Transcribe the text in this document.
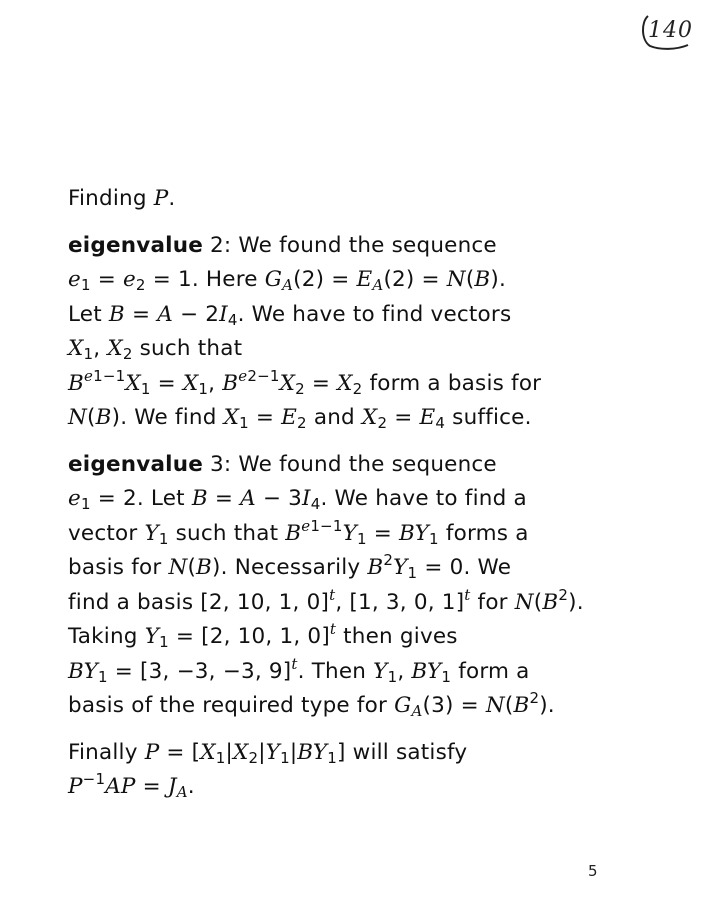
140
Finding P.
eigenvalue 2: We found the sequence
$e_1 = e_2 = 1$. Here $G_A(2) = E_A(2) = N(B)$.
Let $B = A - 2I_4$. We have to find vectors
$X_1$, $X_2$ such that
$B^{e1-1}X_1 = X_1$, $B^{e2-1}X_2 = X_2$ form a basis for
N(B). We find $X_1 = E_2$ and $X_2 = E_4$ suffice.
eigenvalue 3: We found the sequence
$e_1 = 2$. Let $B = A - 3I_4$. We have to find a
vector $Y_1$ such that $B^{e1-1}Y_1 = BY_1$ forms a
basis for N(B). Necessarily $B^2Y_1 = 0$. We
find a basis [2, 10, 1, 0]$^t$, [1, 3, 0, 1]$^t$ for $N(B^2)$.
Taking $Y_1 = [2$, 10, 1, 0]$^t$ then gives
$BY_1 = [3$, −3, −3, 9]$^t$. Then $Y_1$, $BY_1$ form a
basis of the required type for $G_A(3) = N(B^2)$.
Finally $P = [X_1|X_2|Y_1|BY_1]$ will satisfy
$P^{-1}AP = J_A$.
5
